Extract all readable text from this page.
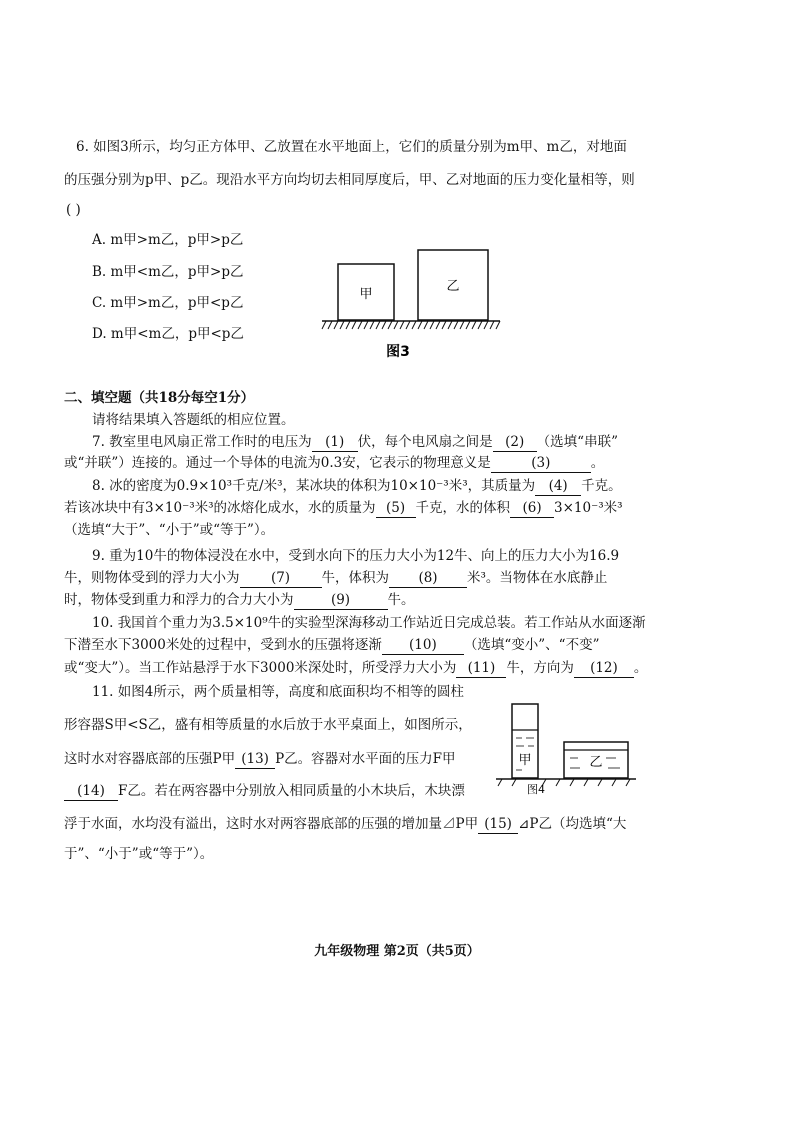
6. 如图3所示，均匀正方体甲、乙放置在水平地面上，它们的质量分别为m甲、m乙，对地面
的压强分别为p甲、p乙。现沿水平方向均切去相同厚度后，甲、乙对地面的压力变化量相等，则
( )
A. m甲>m乙，p甲>p乙
B. m甲<m乙，p甲>p乙
C. m甲>m乙，p甲<p乙
D. m甲<m乙，p甲<p乙
甲
乙
图3
二、填空题（共18分每空1分）
请将结果填入答题纸的相应位置。
7. 教室里电风扇正常工作时的电压为 (1) 伏，每个电风扇之间是 (2) （选填“串联”
或“并联”）连接的。通过一个导体的电流为0.3安，它表示的物理意义是	(3)	。
8. 冰的密度为0.9×10³千克/米³，某冰块的体积为10×10⁻³米³，其质量为 (4) 千克。
若该冰块中有3×10⁻³米³的冰熔化成水，水的质量为 (5) 千克，水的体积 (6) 3×10⁻³米³
（选填“大于”、“小于”或“等于”）。
9. 重为10牛的物体浸没在水中，受到水向下的压力大小为12牛、向上的压力大小为16.9
牛，则物体受到的浮力大小为 (7) 牛，体积为 (8) 米³。当物体在水底静止
时，物体受到重力和浮力的合力大小为	(9)	牛。
10. 我国首个重力为3.5×10⁹牛的实验型深海移动工作站近日完成总装。若工作站从水面逐渐
下潜至水下3000米处的过程中，受到水的压强将逐渐 (10) （选填“变小”、“不变”
或“变大”）。当工作站悬浮于水下3000米深处时，所受浮力大小为 (11) 牛，方向为 (12) 。
11. 如图4所示，两个质量相等，高度和底面积均不相等的圆柱
形容器S甲<S乙，盛有相等质量的水后放于水平桌面上，如图所示，
这时水对容器底部的压强P甲 (13) P乙。容器对水平面的压力F甲
(14) F乙。若在两容器中分别放入相同质量的小木块后，木块漂
浮于水面，水均没有溢出，这时水对两容器底部的压强的增加量⊿P甲 (15) ⊿P乙（均选填“大
于”、“小于”或“等于”）。
甲	乙
图4
九年级物理 第2页（共5页）
